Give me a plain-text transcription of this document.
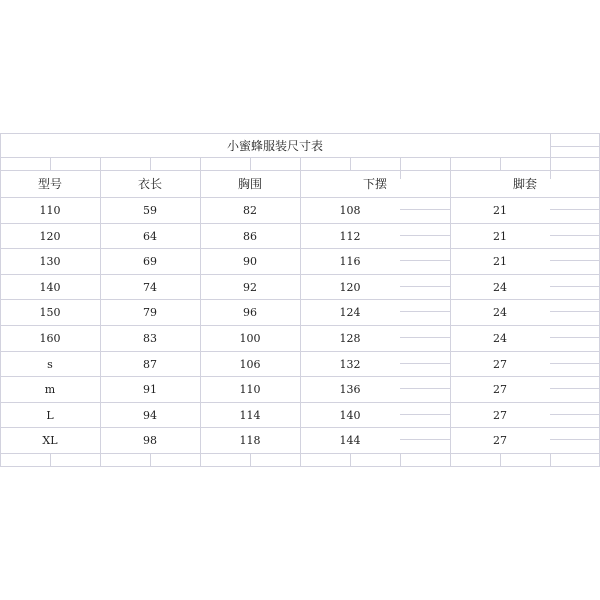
小蜜蜂服装尺寸表
型号	衣长	胸围	下摆	脚套
110	59	82	108	21
120	64	86	112	21
130	69	90	116	21
140	74	92	120	24
150	79	96	124	24
160	83	100	128	24
s	87	106	132	27
m	91	110	136	27
L	94	114	140	27
XL	98	118	144	27
